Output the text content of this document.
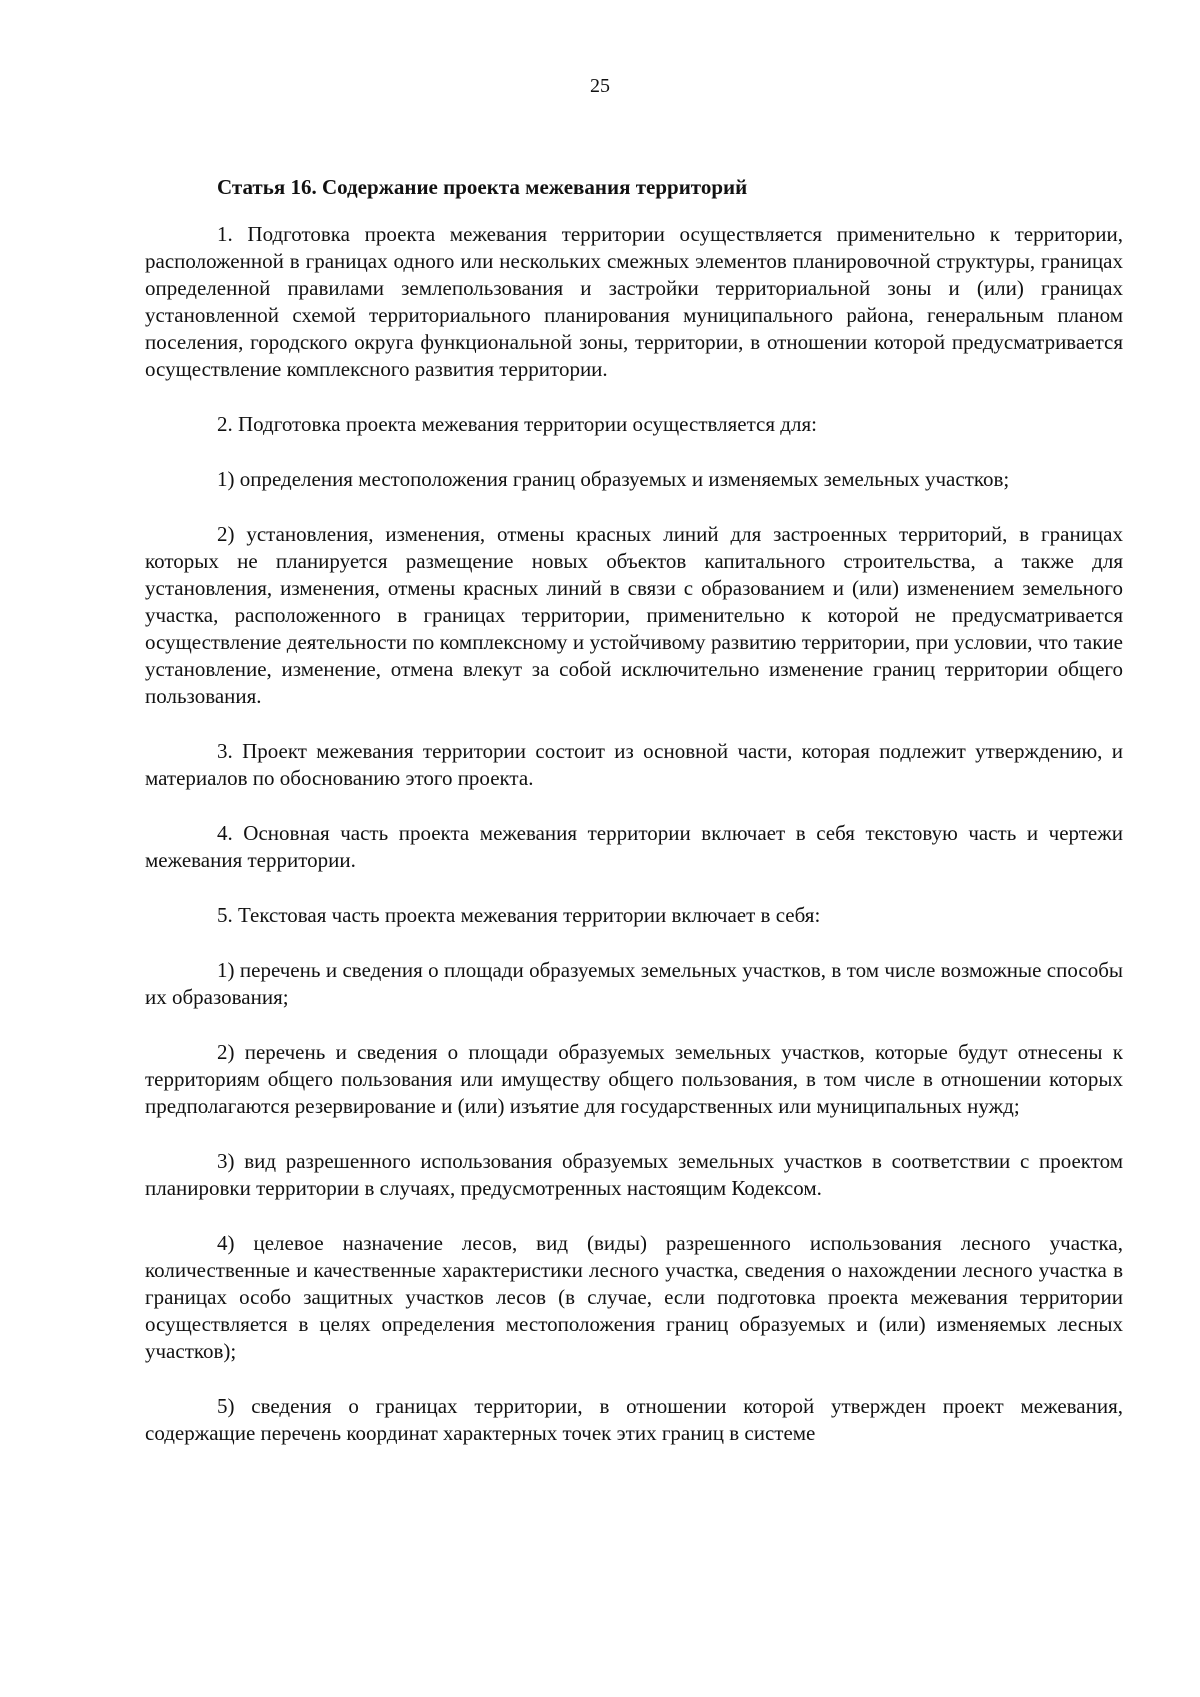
25
Статья 16. Содержание проекта межевания территорий

1. Подготовка проекта межевания территории осуществляется применительно к территории, расположенной в границах одного или нескольких смежных элементов планировочной структуры, границах определенной правилами землепользования и застройки территориальной зоны и (или) границах установленной схемой территориального планирования муниципального района, генеральным планом поселения, городского округа функциональной зоны, территории, в отношении которой предусматривается осуществление комплексного развития территории.

2. Подготовка проекта межевания территории осуществляется для:

1) определения местоположения границ образуемых и изменяемых земельных участков;

2) установления, изменения, отмены красных линий для застроенных территорий, в границах которых не планируется размещение новых объектов капитального строительства, а также для установления, изменения, отмены красных линий в связи с образованием и (или) изменением земельного участка, расположенного в границах территории, применительно к которой не предусматривается осуществление деятельности по комплексному и устойчивому развитию территории, при условии, что такие установление, изменение, отмена влекут за собой исключительно изменение границ территории общего пользования.

3. Проект межевания территории состоит из основной части, которая подлежит утверждению, и материалов по обоснованию этого проекта.

4. Основная часть проекта межевания территории включает в себя текстовую часть и чертежи межевания территории.

5. Текстовая часть проекта межевания территории включает в себя:

1) перечень и сведения о площади образуемых земельных участков, в том числе возможные способы их образования;

2) перечень и сведения о площади образуемых земельных участков, которые будут отнесены к территориям общего пользования или имуществу общего пользования, в том числе в отношении которых предполагаются резервирование и (или) изъятие для государственных или муниципальных нужд;

3) вид разрешенного использования образуемых земельных участков в соответствии с проектом планировки территории в случаях, предусмотренных настоящим Кодексом.

4) целевое назначение лесов, вид (виды) разрешенного использования лесного участка, количественные и качественные характеристики лесного участка, сведения о нахождении лесного участка в границах особо защитных участков лесов (в случае, если подготовка проекта межевания территории осуществляется в целях определения местоположения границ образуемых и (или) изменяемых лесных участков);

5) сведения о границах территории, в отношении которой утвержден проект межевания, содержащие перечень координат характерных точек этих границ в системе
